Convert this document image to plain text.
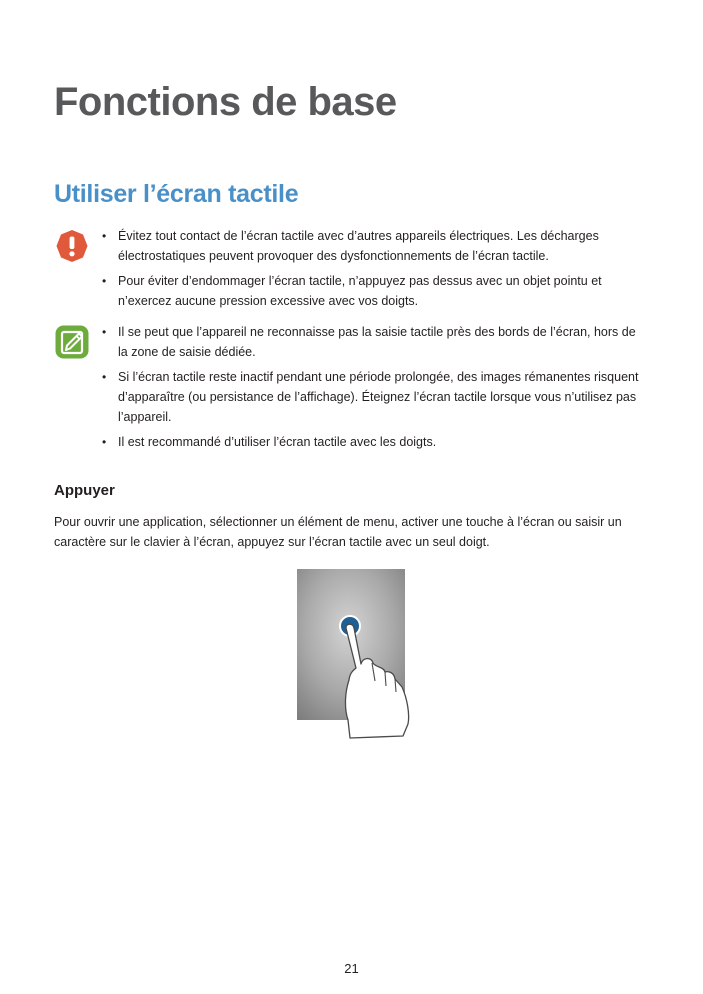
Fonctions de base
Utiliser l’écran tactile
• Évitez tout contact de l’écran tactile avec d’autres appareils électriques. Les décharges électrostatiques peuvent provoquer des dysfonctionnements de l’écran tactile.
• Pour éviter d’endommager l’écran tactile, n’appuyez pas dessus avec un objet pointu et n’exercez aucune pression excessive avec vos doigts.
• Il se peut que l’appareil ne reconnaisse pas la saisie tactile près des bords de l’écran, hors de la zone de saisie dédiée.
• Si l’écran tactile reste inactif pendant une période prolongée, des images rémanentes risquent d’apparaître (ou persistance de l’affichage). Éteignez l’écran tactile lorsque vous n’utilisez pas l’appareil.
• Il est recommandé d’utiliser l’écran tactile avec les doigts.
Appuyer

Pour ouvrir une application, sélectionner un élément de menu, activer une touche à l’écran ou saisir un caractère sur le clavier à l’écran, appuyez sur l’écran tactile avec un seul doigt.

21
